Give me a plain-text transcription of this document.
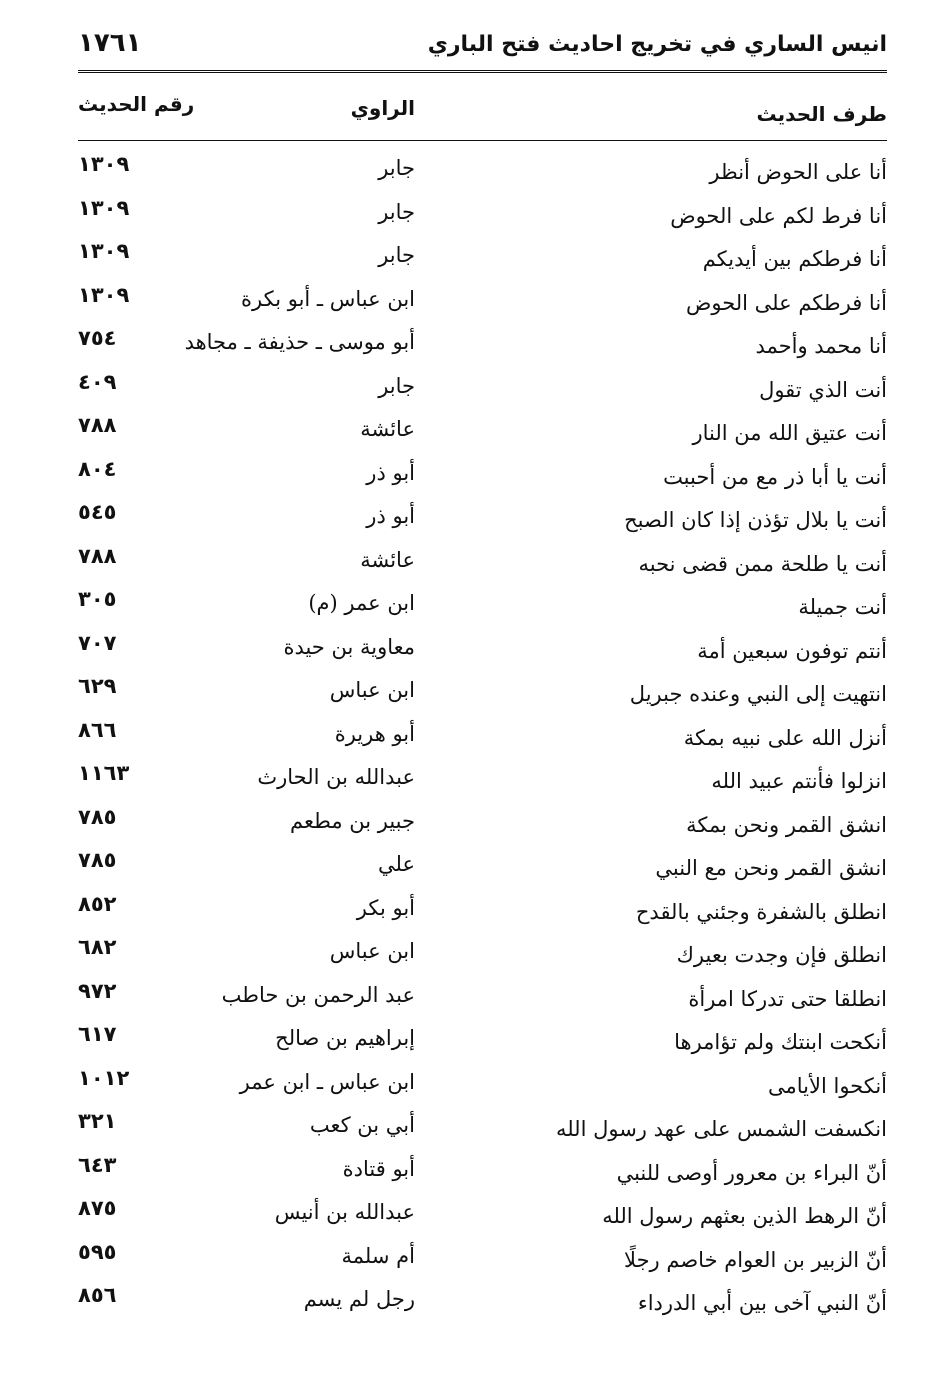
١٧٦١	انيس الساري في تخريج احاديث فتح الباري
طرف الحديث
الراوي
رقم الحديث
أنا على الحوض أنظر
جابر
١٣٠٩
أنا فرط لكم على الحوض
جابر
١٣٠٩
أنا فرطكم بين أيديكم
جابر
١٣٠٩
أنا فرطكم على الحوض
ابن عباس ـ أبو بكرة
١٣٠٩
أنا محمد وأحمد
أبو موسى ـ حذيفة ـ مجاهد
٧٥٤
أنت الذي تقول
جابر
٤٠٩
أنت عتيق الله من النار
عائشة
٧٨٨
أنت يا أبا ذر مع من أحببت
أبو ذر
٨٠٤
أنت يا بلال تؤذن إذا كان الصبح
أبو ذر
٥٤٥
أنت يا طلحة ممن قضى نحبه
عائشة
٧٨٨
أنت جميلة
ابن عمر (م)
٣٠٥
أنتم توفون سبعين أمة
معاوية بن حيدة
٧٠٧
انتهيت إلى النبي وعنده جبريل
ابن عباس
٦٢٩
أنزل الله على نبيه بمكة
أبو هريرة
٨٦٦
انزلوا فأنتم عبيد الله
عبدالله بن الحارث
١١٦٣
انشق القمر ونحن بمكة
جبير بن مطعم
٧٨٥
انشق القمر ونحن مع النبي
علي
٧٨٥
انطلق بالشفرة وجئني بالقدح
أبو بكر
٨٥٢
انطلق فإن وجدت بعيرك
ابن عباس
٦٨٢
انطلقا حتى تدركا امرأة
عبد الرحمن بن حاطب
٩٧٢
أنكحت ابنتك ولم تؤامرها
إبراهيم بن صالح
٦١٧
أنكحوا الأيامى
ابن عباس ـ ابن عمر
١٠١٢
انكسفت الشمس على عهد رسول الله
أبي بن كعب
٣٢١
أنّ البراء بن معرور أوصى للنبي
أبو قتادة
٦٤٣
أنّ الرهط الذين بعثهم رسول الله
عبدالله بن أنيس
٨٧٥
أنّ الزبير بن العوام خاصم رجلًا
أم سلمة
٥٩٥
أنّ النبي آخى بين أبي الدرداء
رجل لم يسم
٨٥٦
